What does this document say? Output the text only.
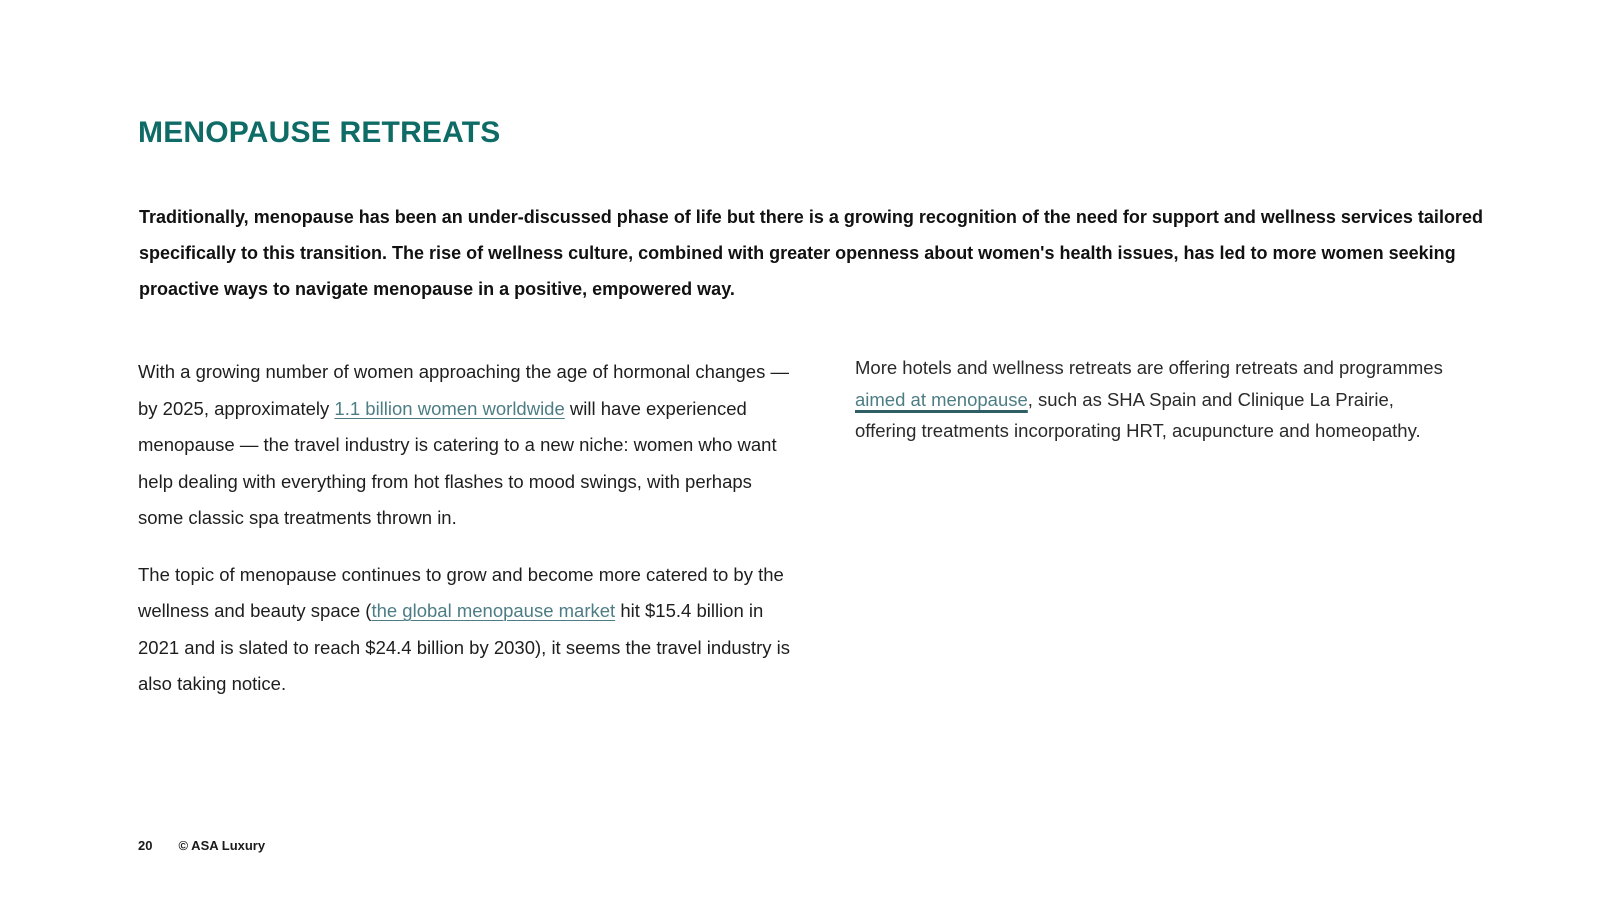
MENOPAUSE RETREATS

Traditionally, menopause has been an under-discussed phase of life but there is a growing recognition of the need for support and wellness services tailored specifically to this transition. The rise of wellness culture, combined with greater openness about women's health issues, has led to more women seeking proactive ways to navigate menopause in a positive, empowered way.

With a growing number of women approaching the age of hormonal changes — by 2025, approximately 1.1 billion women worldwide will have experienced menopause — the travel industry is catering to a new niche: women who want help dealing with everything from hot flashes to mood swings, with perhaps some classic spa treatments thrown in.

The topic of menopause continues to grow and become more catered to by the wellness and beauty space (the global menopause market hit $15.4 billion in 2021 and is slated to reach $24.4 billion by 2030), it seems the travel industry is also taking notice.

More hotels and wellness retreats are offering retreats and programmes aimed at menopause, such as SHA Spain and Clinique La Prairie, offering treatments incorporating HRT, acupuncture and homeopathy.

20 © ASA Luxury
